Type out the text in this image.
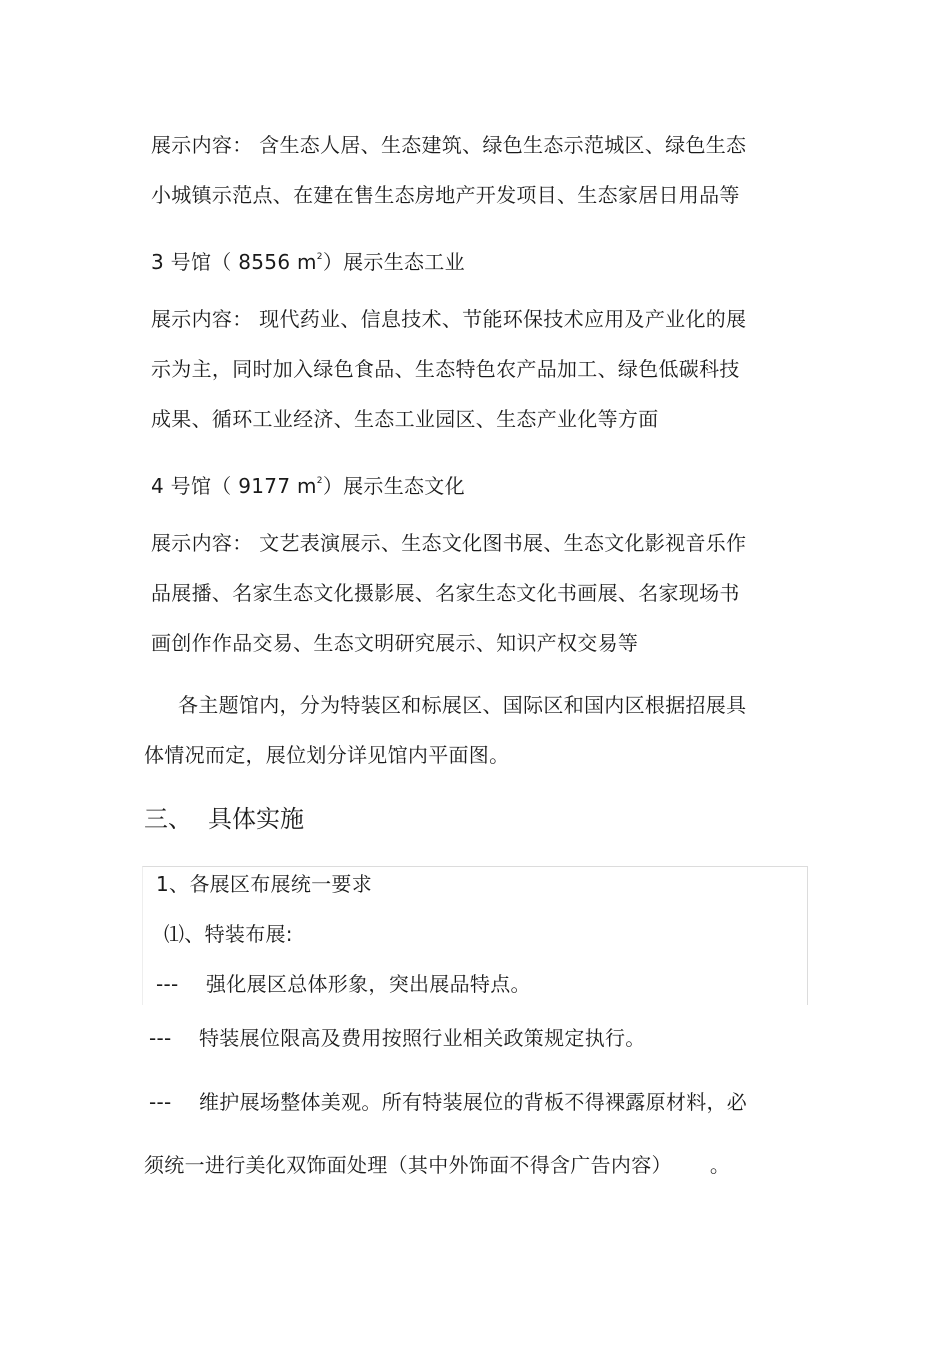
展示内容： 含生态人居、生态建筑、绿色生态示范城区、绿色生态
小城镇示范点、在建在售生态房地产开发项目、生态家居日用品等
3 号馆（ 8556 $m^2$）展示生态工业
展示内容： 现代药业、信息技术、节能环保技术应用及产业化的展
示为主，同时加入绿色食品、生态特色农产品加工、绿色低碳科技
成果、循环工业经济、生态工业园区、生态产业化等方面
4 号馆（ 9177 $m^2$）展示生态文化
展示内容： 文艺表演展示、生态文化图书展、生态文化影视音乐作
品展播、名家生态文化摄影展、名家生态文化书画展、名家现场书
画创作作品交易、生态文明研究展示、知识产权交易等
各主题馆内，分为特装区和标展区、国际区和国内区根据招展具
体情况而定，展位划分详见馆内平面图。
三、 具体实施
1、各展区布展统一要求
⑴、特装布展:
--- 强化展区总体形象，突出展品特点。
--- 特装展位限高及费用按照行业相关政策规定执行。
--- 维护展场整体美观。所有特装展位的背板不得裸露原材料，必
须统一进行美化双饰面处理（其中外饰面不得含广告内容） 。
